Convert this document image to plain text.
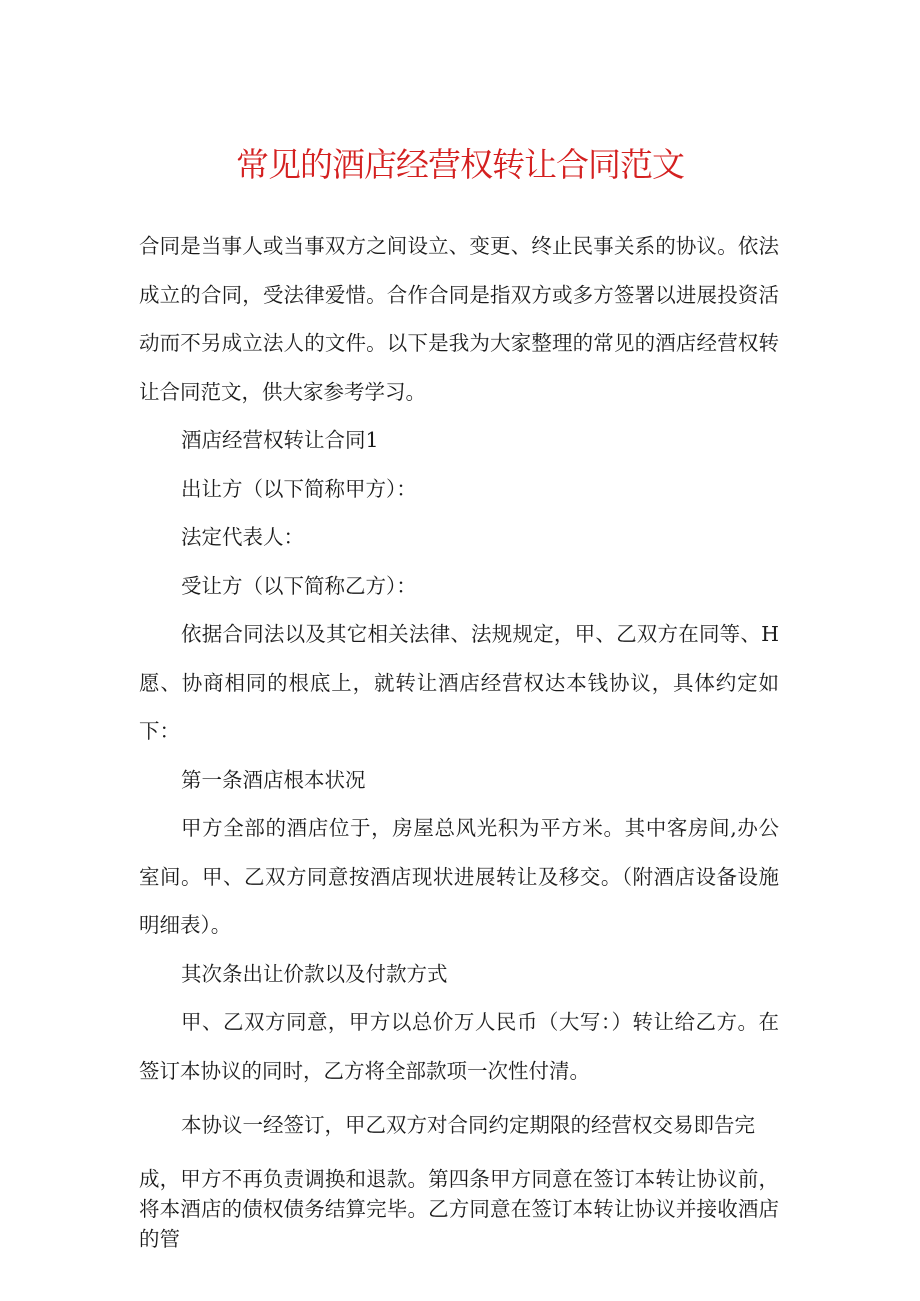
常见的酒店经营权转让合同范文

合同是当事人或当事双方之间设立、变更、终止民事关系的协议。依法成立的合同，受法律爱惜。合作合同是指双方或多方签署以进展投资活动而不另成立法人的文件。以下是我为大家整理的常见的酒店经营权转让合同范文，供大家参考学习。

酒店经营权转让合同1

出让方（以下简称甲方）：

法定代表人：

受让方（以下简称乙方）：

依据合同法以及其它相关法律、法规规定，甲、乙双方在同等、H愿、协商相同的根底上，就转让酒店经营权达本钱协议，具体约定如下：

第一条酒店根本状况

甲方全部的酒店位于，房屋总风光积为平方米。其中客房间,办公室间。甲、乙双方同意按酒店现状进展转让及移交。（附酒店设备设施明细表）。

其次条出让价款以及付款方式

甲、乙双方同意，甲方以总价万人民币（大写：）转让给乙方。在签订本协议的同时，乙方将全部款项一次性付清。

本协议一经签订，甲乙双方对合同约定期限的经营权交易即告完

成，甲方不再负责调换和退款。第四条甲方同意在签订本转让协议前，将本酒店的债权债务结算完毕。乙方同意在签订本转让协议并接收酒店的管
